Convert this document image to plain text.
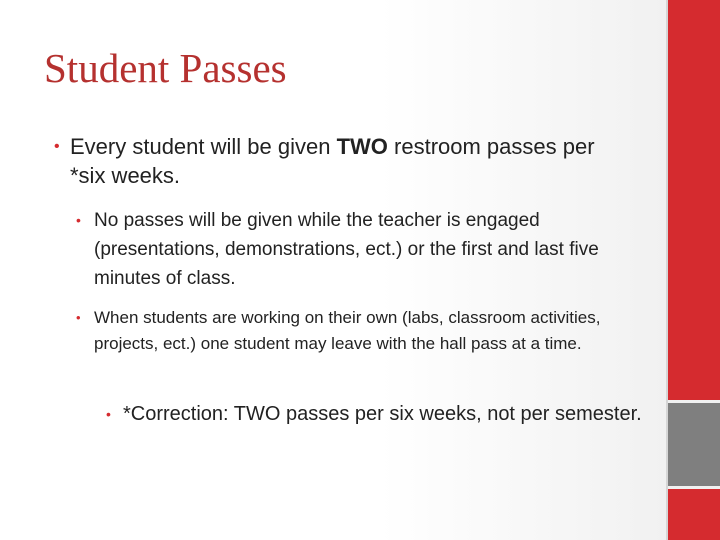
Student Passes

• Every student will be given TWO restroom passes per *six weeks.

• No passes will be given while the teacher is engaged (presentations, demonstrations, ect.) or the first and last five minutes of class.

• When students are working on their own (labs, classroom activities, projects, ect.) one student may leave with the hall pass at a time.

• *Correction: TWO passes per six weeks, not per semester.
